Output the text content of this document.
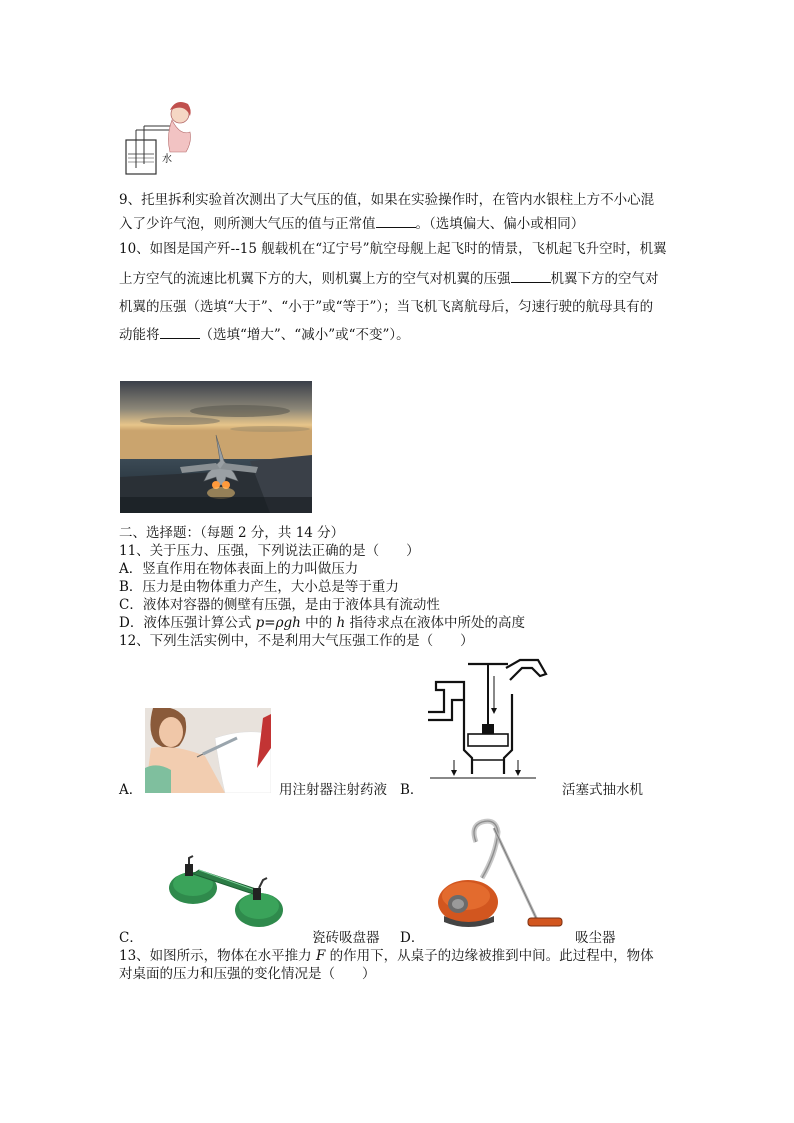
水
9、托里拆利实验首次测出了大气压的值，如果在实验操作时，在管内水银柱上方不小心混
入了少许气泡，则所测大气压的值与正常值	。（选填偏大、偏小或相同）
10、如图是国产歼--15 舰载机在“辽宁号”航空母舰上起飞时的情景，飞机起飞升空时，机翼
上方空气的流速比机翼下方的大，则机翼上方的空气对机翼的压强	机翼下方的空气对
机翼的压强（选填“大于”、“小于”或“等于”）；当飞机飞离航母后，匀速行驶的航母具有的
动能将	（选填“增大”、“减小”或“不变”）。
二、选择题：（每题 2 分，共 14 分）
11、关于压力、压强，下列说法正确的是（　　）
A．竖直作用在物体表面上的力叫做压力
B．压力是由物体重力产生，大小总是等于重力
C．液体对容器的侧壁有压强，是由于液体具有流动性
D．液体压强计算公式 p=ρgh 中的 h 指待求点在液体中所处的高度
12、下列生活实例中，不是利用大气压强工作的是（　　）
A．	用注射器注射药液 B．	活塞式抽水机
C．	瓷砖吸盘器 D．	吸尘器
13、如图所示，物体在水平推力 F 的作用下，从桌子的边缘被推到中间。此过程中，物体
对桌面的压力和压强的变化情况是（　　）
